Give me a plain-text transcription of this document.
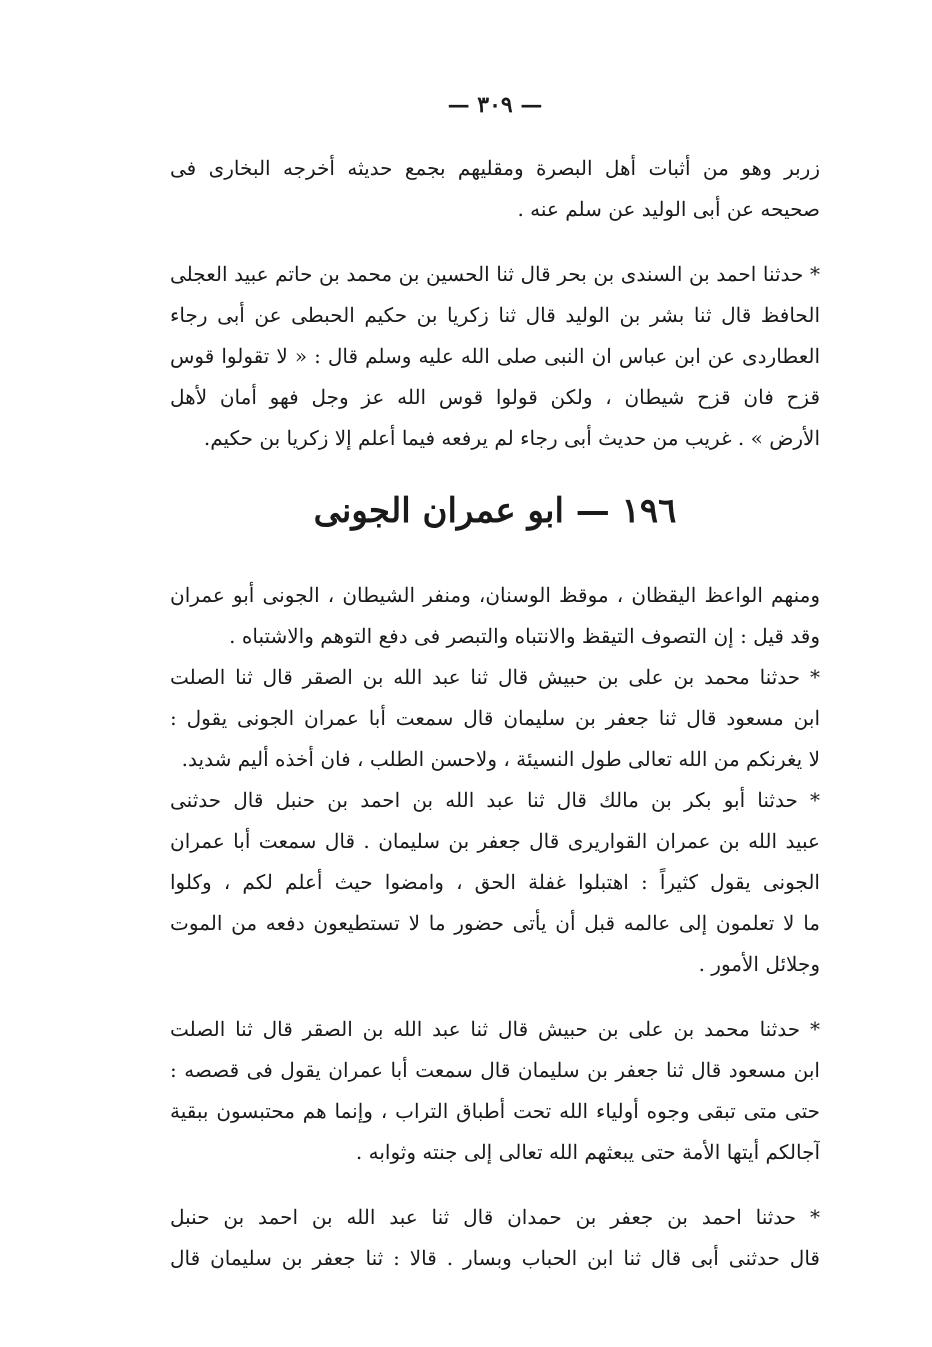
— ٣٠٩ —
زربر وهو من أثبات أهل البصرة ومقليهم بجمع حديثه أخرجه البخارى فى
صحيحه عن أبى الوليد عن سلم عنه .
* حدثنا احمد بن السندى بن بحر قال ثنا الحسين بن محمد بن حاتم عبيد العجلى
الحافظ قال ثنا بشر بن الوليد قال ثنا زكريا بن حكيم الحبطى عن أبى رجاء
العطاردى عن ابن عباس ان النبى صلى الله عليه وسلم قال : « لا تقولوا قوس
قزح فان قزح شيطان ، ولكن قولوا قوس الله عز وجل فهو أمان لأهل
الأرض » . غريب من حديث أبى رجاء لم يرفعه فيما أعلم إلا زكريا بن حكيم.
١٩٦ — ابو عمران الجونى
ومنهم الواعظ اليقظان ، موقظ الوسنان، ومنفر الشيطان ، الجونى أبو عمران
وقد قيل : إن التصوف التيقظ والانتباه والتبصر فى دفع التوهم والاشتباه .
* حدثنا محمد بن على بن حبيش قال ثنا عبد الله بن الصقر قال ثنا الصلت
ابن مسعود قال ثنا جعفر بن سليمان قال سمعت أبا عمران الجونى يقول :
لا يغرنكم من الله تعالى طول النسيئة ، ولاحسن الطلب ، فان أخذه أليم شديد.
* حدثنا أبو بكر بن مالك قال ثنا عبد الله بن احمد بن حنبل قال حدثنى
عبيد الله بن عمران القواريرى قال جعفر بن سليمان . قال سمعت أبا عمران
الجونى يقول كثيراً : اهتبلوا غفلة الحق ، وامضوا حيث أعلم لكم ، وكلوا
ما لا تعلمون إلى عالمه قبل أن يأتى حضور ما لا تستطيعون دفعه من الموت
وجلائل الأمور .
* حدثنا محمد بن على بن حبيش قال ثنا عبد الله بن الصقر قال ثنا الصلت
ابن مسعود قال ثنا جعفر بن سليمان قال سمعت أبا عمران يقول فى قصصه :
حتى متى تبقى وجوه أولياء الله تحت أطباق التراب ، وإنما هم محتبسون ببقية
آجالكم أيتها الأمة حتى يبعثهم الله تعالى إلى جنته وثوابه .
* حدثنا احمد بن جعفر بن حمدان قال ثنا عبد الله بن احمد بن حنبل
قال حدثنى أبى قال ثنا ابن الحباب وبسار . قالا : ثنا جعفر بن سليمان قال
